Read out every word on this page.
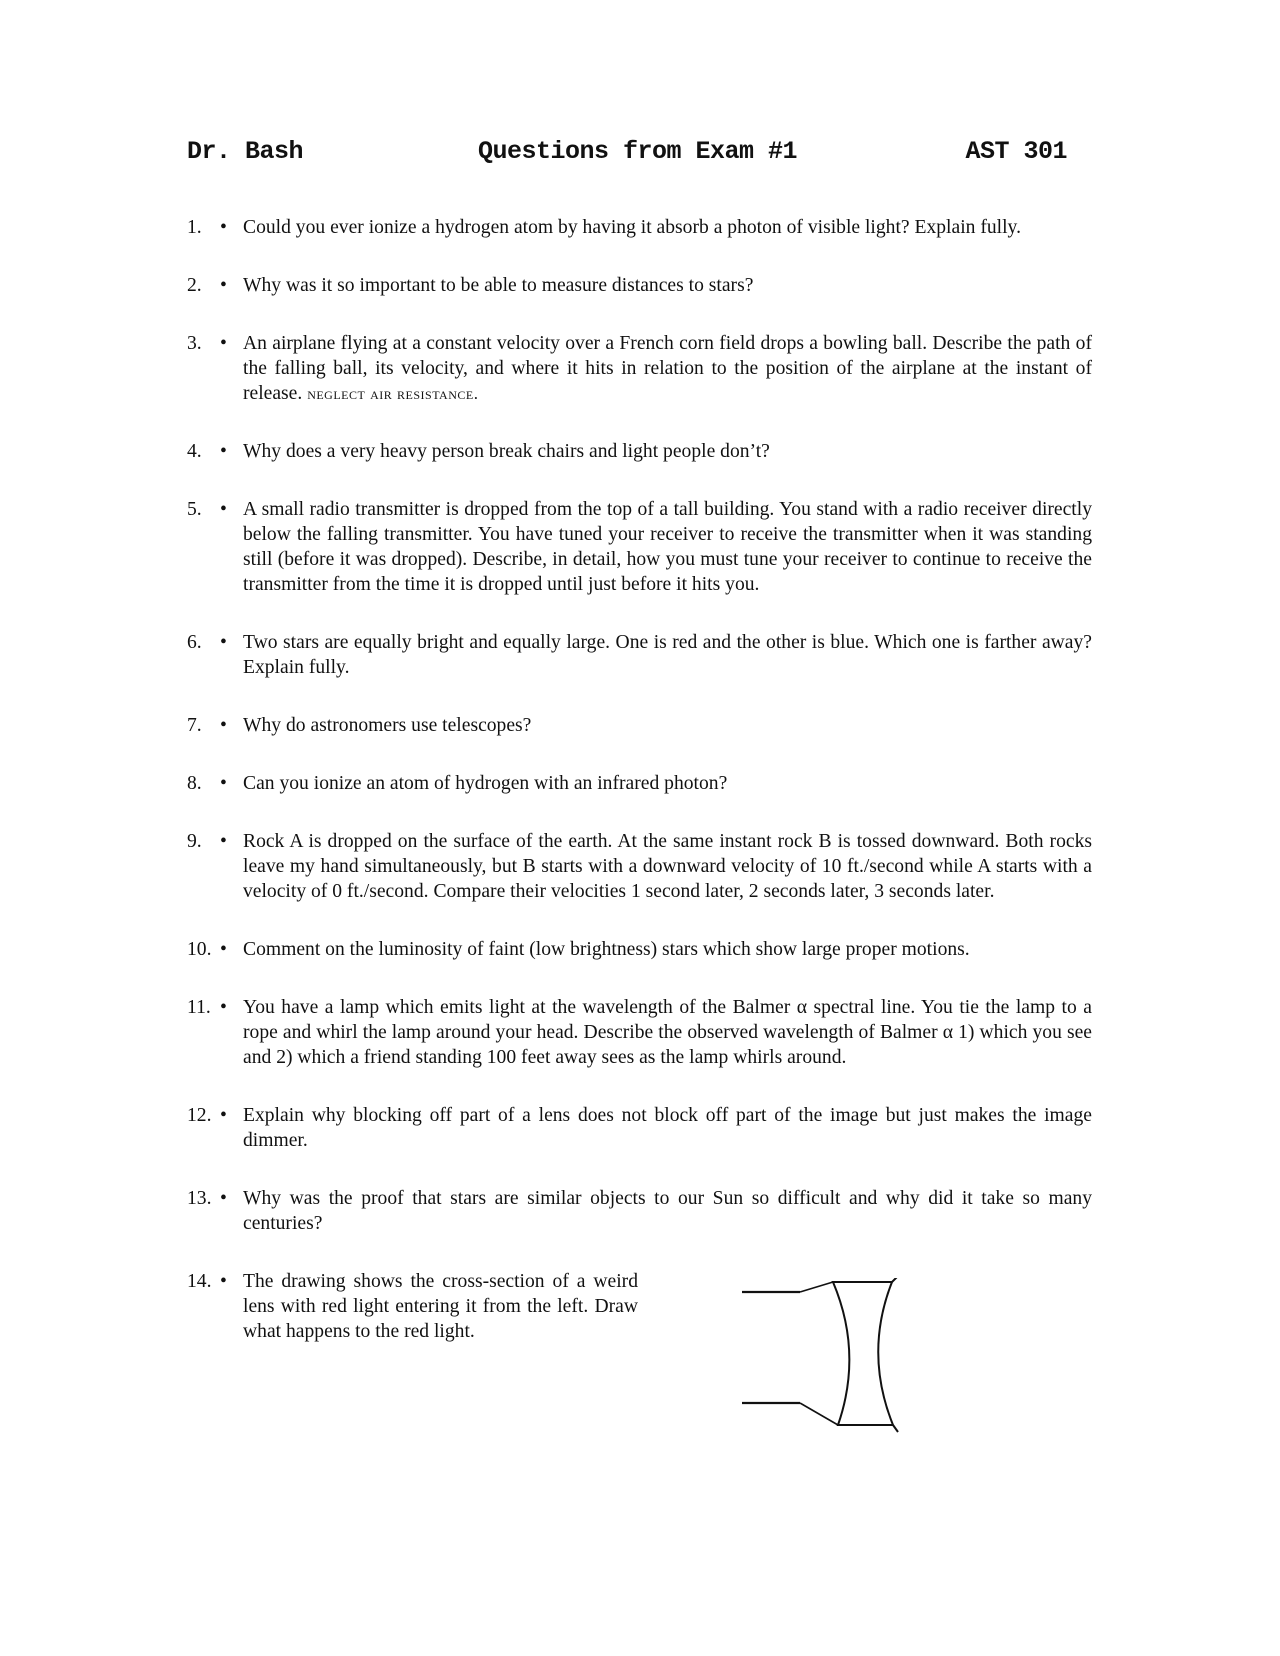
Dr. Bash	Questions from Exam #1	AST 301
1. • Could you ever ionize a hydrogen atom by having it absorb a photon of visible light? Explain fully.
2. • Why was it so important to be able to measure distances to stars?
3. • An airplane flying at a constant velocity over a French corn field drops a bowling ball. Describe the path of the falling ball, its velocity, and where it hits in relation to the position of the airplane at the instant of release. neglect air resistance.
4. • Why does a very heavy person break chairs and light people don’t?
5. • A small radio transmitter is dropped from the top of a tall building. You stand with a radio receiver directly below the falling transmitter. You have tuned your receiver to receive the transmitter when it was standing still (before it was dropped). Describe, in detail, how you must tune your receiver to continue to receive the transmitter from the time it is dropped until just before it hits you.
6. • Two stars are equally bright and equally large. One is red and the other is blue. Which one is farther away? Explain fully.
7. • Why do astronomers use telescopes?
8. • Can you ionize an atom of hydrogen with an infrared photon?
9. • Rock A is dropped on the surface of the earth. At the same instant rock B is tossed downward. Both rocks leave my hand simultaneously, but B starts with a downward velocity of 10 ft./second while A starts with a velocity of 0 ft./second. Compare their velocities 1 second later, 2 seconds later, 3 seconds later.
10. • Comment on the luminosity of faint (low brightness) stars which show large proper motions.
11. • You have a lamp which emits light at the wavelength of the Balmer α spectral line. You tie the lamp to a rope and whirl the lamp around your head. Describe the observed wavelength of Balmer α 1) which you see and 2) which a friend standing 100 feet away sees as the lamp whirls around.
12. • Explain why blocking off part of a lens does not block off part of the image but just makes the image dimmer.
13. • Why was the proof that stars are similar objects to our Sun so difficult and why did it take so many centuries?
14. • The drawing shows the cross-section of a weird lens with red light entering it from the left. Draw what happens to the red light.
